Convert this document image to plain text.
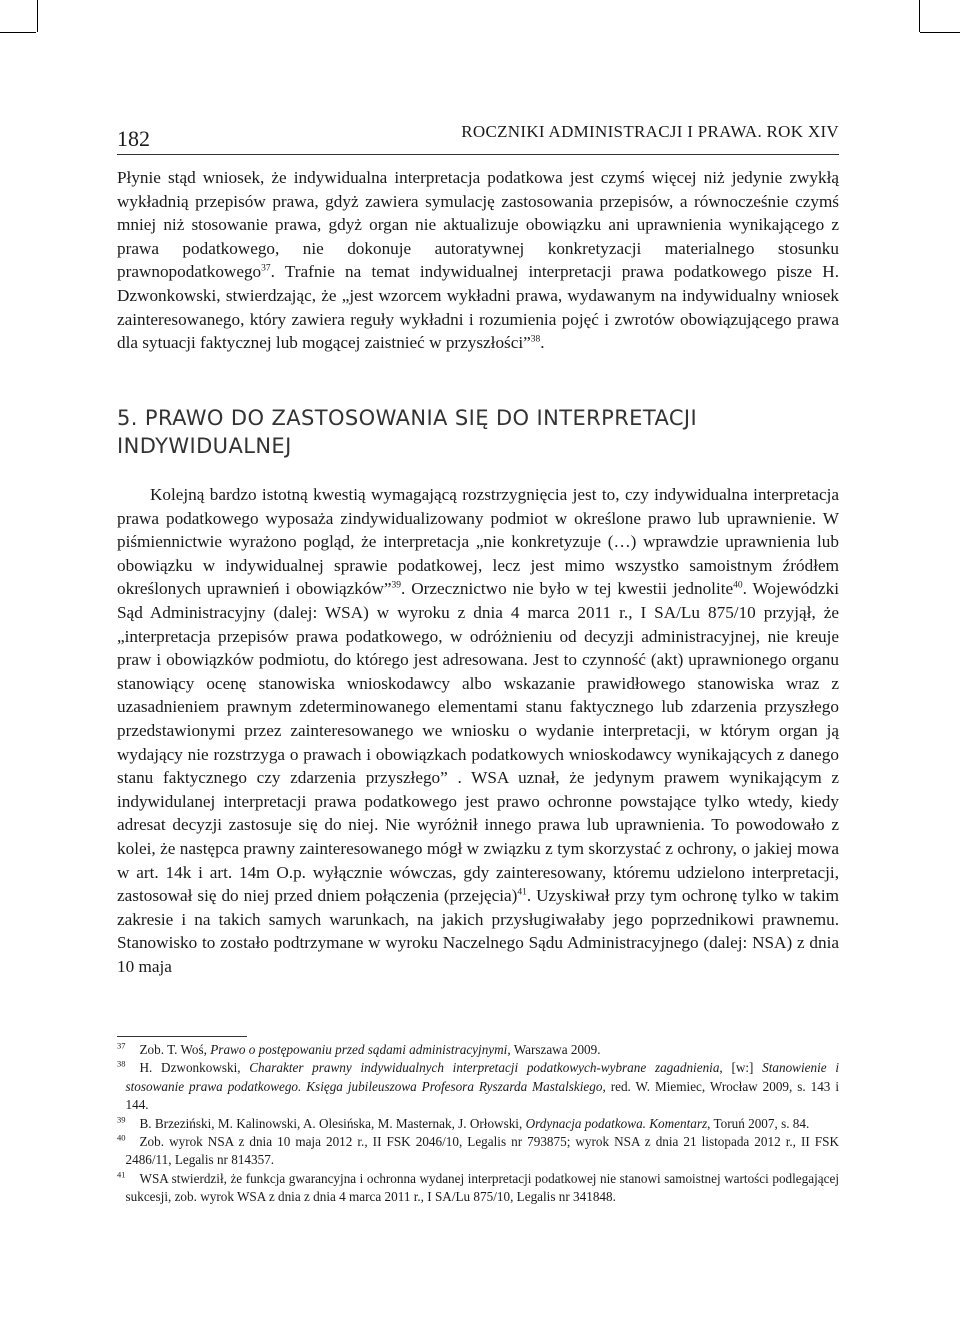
182	ROCZNIKI ADMINISTRACJI I PRAWA. ROK XIV

Płynie stąd wniosek, że indywidualna interpretacja podatkowa jest czymś więcej niż jedynie zwykłą wykładnią przepisów prawa, gdyż zawiera symulację zastosowania przepisów, a równocześnie czymś mniej niż stosowanie prawa, gdyż organ nie aktualizuje obowiązku ani uprawnienia wynikającego z prawa podatkowego, nie dokonuje autoratywnej konkretyzacji materialnego stosunku prawnopodatkowego$^{37}$. Trafnie na temat indywidualnej interpretacji prawa podatkowego pisze H. Dzwonkowski, stwierdzając, że „jest wzorcem wykładni prawa, wydawanym na indywidualny wniosek zainteresowanego, który zawiera reguły wykładni i rozumienia pojęć i zwrotów obowiązującego prawa dla sytuacji faktycznej lub mogącej zaistnieć w przyszłości”$^{38}$.

5. PRAWO DO ZASTOSOWANIA SIĘ DO INTERPRETACJI INDYWIDUALNEJ

Kolejną bardzo istotną kwestią wymagającą rozstrzygnięcia jest to, czy indywidualna interpretacja prawa podatkowego wyposaża zindywidualizowany podmiot w określone prawo lub uprawnienie. W piśmiennictwie wyrażono pogląd, że interpretacja „nie konkretyzuje (…) wprawdzie uprawnienia lub obowiązku w indywidualnej sprawie podatkowej, lecz jest mimo wszystko samoistnym źródłem określonych uprawnień i obowiązków”$^{39}$. Orzecznictwo nie było w tej kwestii jednolite$^{40}$. Wojewódzki Sąd Administracyjny (dalej: WSA) w wyroku z dnia 4 marca 2011 r., I SA/Lu 875/10 przyjął, że „interpretacja przepisów prawa podatkowego, w odróżnieniu od decyzji administracyjnej, nie kreuje praw i obowiązków podmiotu, do którego jest adresowana. Jest to czynność (akt) uprawnionego organu stanowiący ocenę stanowiska wnioskodawcy albo wskazanie prawidłowego stanowiska wraz z uzasadnieniem prawnym zdeterminowanego elementami stanu faktycznego lub zdarzenia przyszłego przedstawionymi przez zainteresowanego we wniosku o wydanie interpretacji, w którym organ ją wydający nie rozstrzyga o prawach i obowiązkach podatkowych wnioskodawcy wynikających z danego stanu faktycznego czy zdarzenia przyszłego” . WSA uznał, że jedynym prawem wynikającym z indywidulanej interpretacji prawa podatkowego jest prawo ochronne powstające tylko wtedy, kiedy adresat decyzji zastosuje się do niej. Nie wyróżnił innego prawa lub uprawnienia. To powodowało z kolei, że następca prawny zainteresowanego mógł w związku z tym skorzystać z ochrony, o jakiej mowa w art. 14k i art. 14m O.p. wyłącznie wówczas, gdy zainteresowany, któremu udzielono interpretacji, zastosował się do niej przed dniem połączenia (przejęcia)$^{41}$. Uzyskiwał przy tym ochronę tylko w takim zakresie i na takich samych warunkach, na jakich przysługiwałaby jego poprzednikowi prawnemu. Stanowisko to zostało podtrzymane w wyroku Naczelnego Sądu Administracyjnego (dalej: NSA) z dnia 10 maja

$^{37}$	Zob. T. Woś, Prawo o postępowaniu przed sądami administracyjnymi, Warszawa 2009.
$^{38}$	H. Dzwonkowski, Charakter prawny indywidualnych interpretacji podatkowych-wybrane zagadnienia, [w:] Stanowienie i stosowanie prawa podatkowego. Księga jubileuszowa Profesora Ryszarda Mastalskiego, red. W. Miemiec, Wrocław 2009, s. 143 i 144.
$^{39}$	B. Brzeziński, M. Kalinowski, A. Olesińska, M. Masternak, J. Orłowski, Ordynacja podatkowa. Komentarz, Toruń 2007, s. 84.
$^{40}$	Zob. wyrok NSA z dnia 10 maja 2012 r., II FSK 2046/10, Legalis nr 793875; wyrok NSA z dnia 21 listopada 2012 r., II FSK 2486/11, Legalis nr 814357.
$^{41}$	WSA stwierdził, że funkcja gwarancyjna i ochronna wydanej interpretacji podatkowej nie stanowi samoistnej wartości podlegającej sukcesji, zob. wyrok WSA z dnia z dnia 4 marca 2011 r., I SA/Lu 875/10, Legalis nr 341848.
